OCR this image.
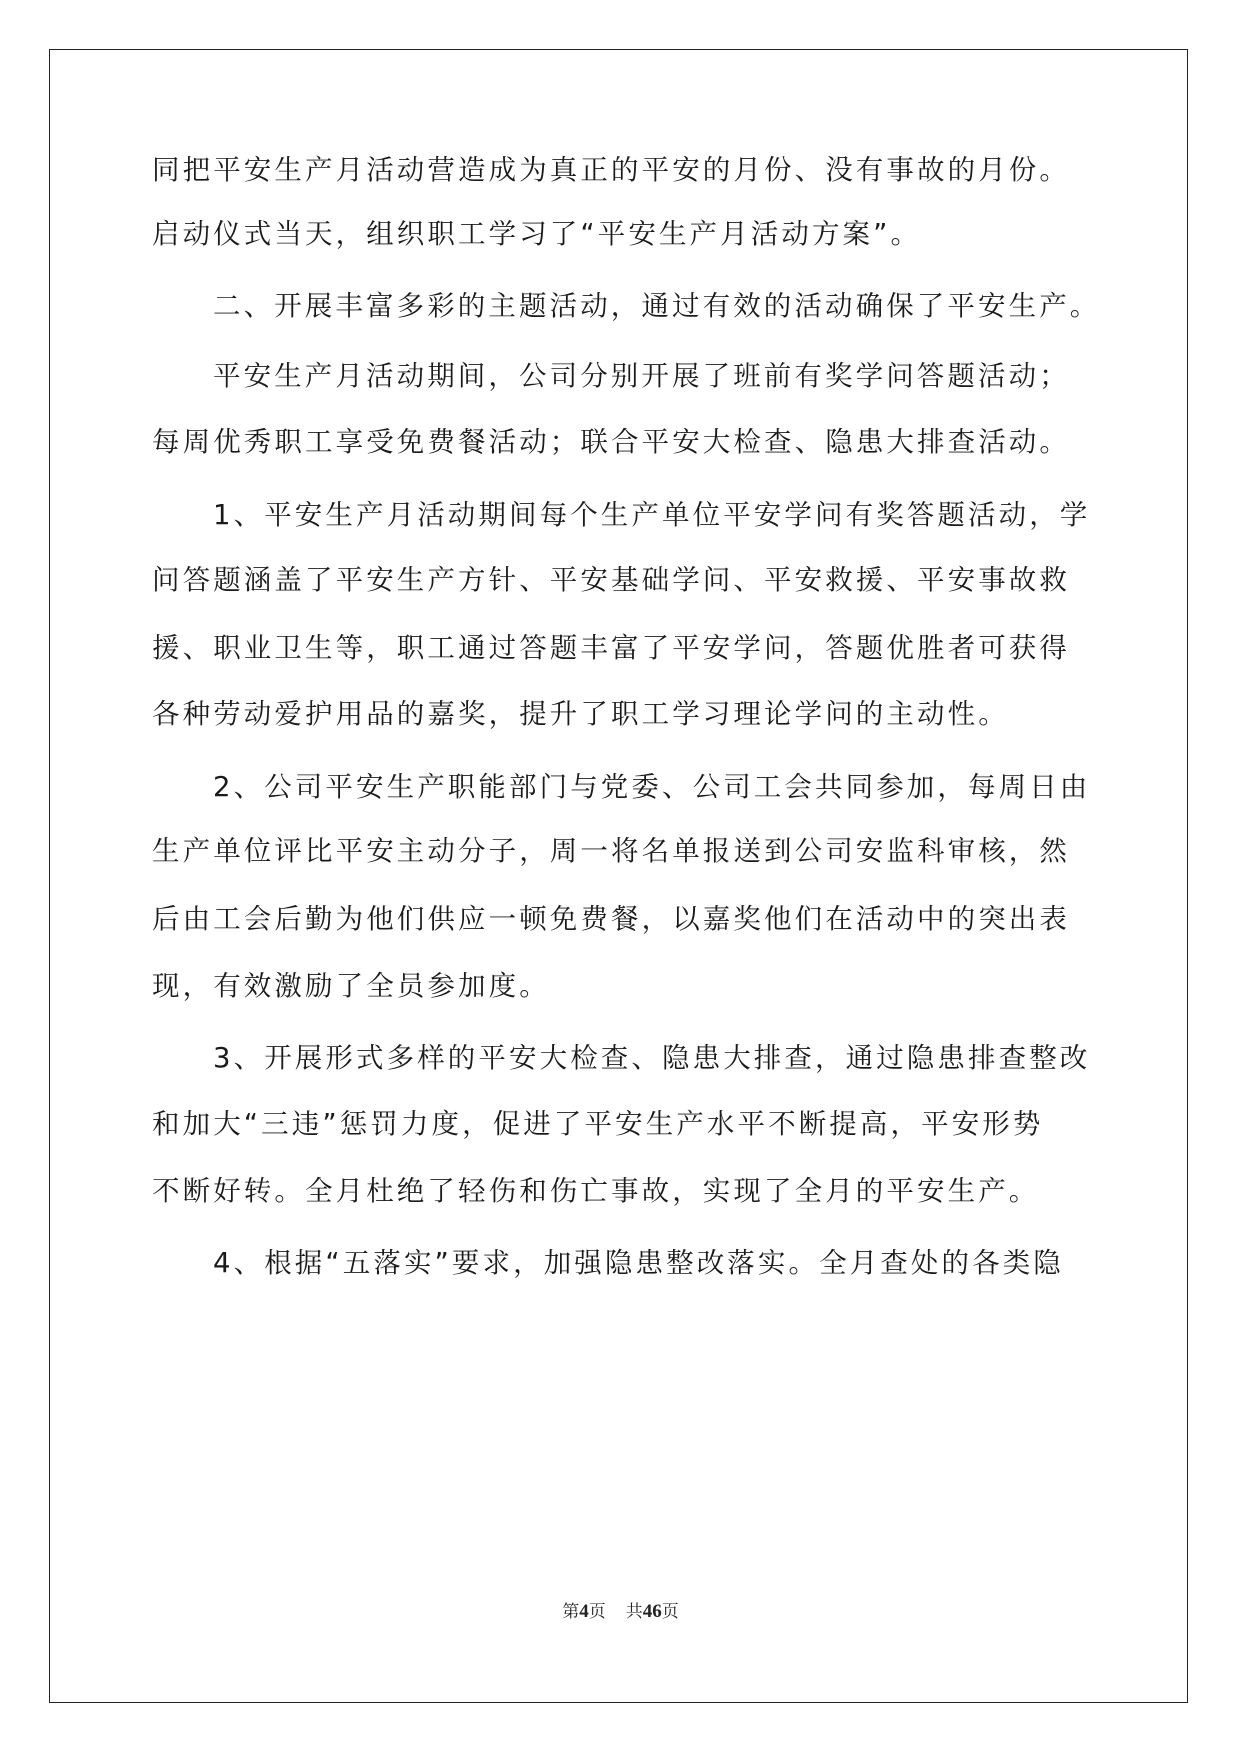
同把平安生产月活动营造成为真正的平安的月份、没有事故的月份。
启动仪式当天，组织职工学习了“平安生产月活动方案”。
二、开展丰富多彩的主题活动，通过有效的活动确保了平安生产。
平安生产月活动期间，公司分别开展了班前有奖学问答题活动；
每周优秀职工享受免费餐活动；联合平安大检查、隐患大排查活动。
1、平安生产月活动期间每个生产单位平安学问有奖答题活动，学
问答题涵盖了平安生产方针、平安基础学问、平安救援、平安事故救
援、职业卫生等，职工通过答题丰富了平安学问，答题优胜者可获得
各种劳动爱护用品的嘉奖，提升了职工学习理论学问的主动性。
2、公司平安生产职能部门与党委、公司工会共同参加，每周日由
生产单位评比平安主动分子，周一将名单报送到公司安监科审核，然
后由工会后勤为他们供应一顿免费餐，以嘉奖他们在活动中的突出表
现，有效激励了全员参加度。
3、开展形式多样的平安大检查、隐患大排查，通过隐患排查整改
和加大“三违”惩罚力度，促进了平安生产水平不断提高，平安形势
不断好转。全月杜绝了轻伤和伤亡事故，实现了全月的平安生产。
4、根据“五落实”要求，加强隐患整改落实。全月查处的各类隐
第4页 共46页
